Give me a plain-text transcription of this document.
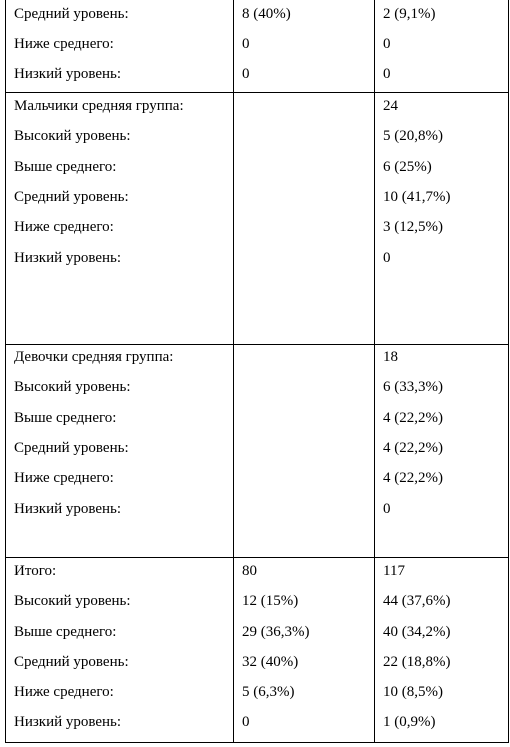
Средний уровень:
Ниже среднего:
Низкий уровень:
8 (40%)
0
0
2 (9,1%)
0
0
Мальчики средняя группа:
Высокий уровень:
Выше среднего:
Средний уровень:
Ниже среднего:
Низкий уровень:
24
5 (20,8%)
6 (25%)
10 (41,7%)
3 (12,5%)
0
Девочки средняя группа:
Высокий уровень:
Выше среднего:
Средний уровень:
Ниже среднего:
Низкий уровень:
18
6 (33,3%)
4 (22,2%)
4 (22,2%)
4 (22,2%)
0
Итого:
Высокий уровень:
Выше среднего:
Средний уровень:
Ниже среднего:
Низкий уровень:
80
12 (15%)
29 (36,3%)
32 (40%)
5 (6,3%)
0
117
44 (37,6%)
40 (34,2%)
22 (18,8%)
10 (8,5%)
1 (0,9%)
